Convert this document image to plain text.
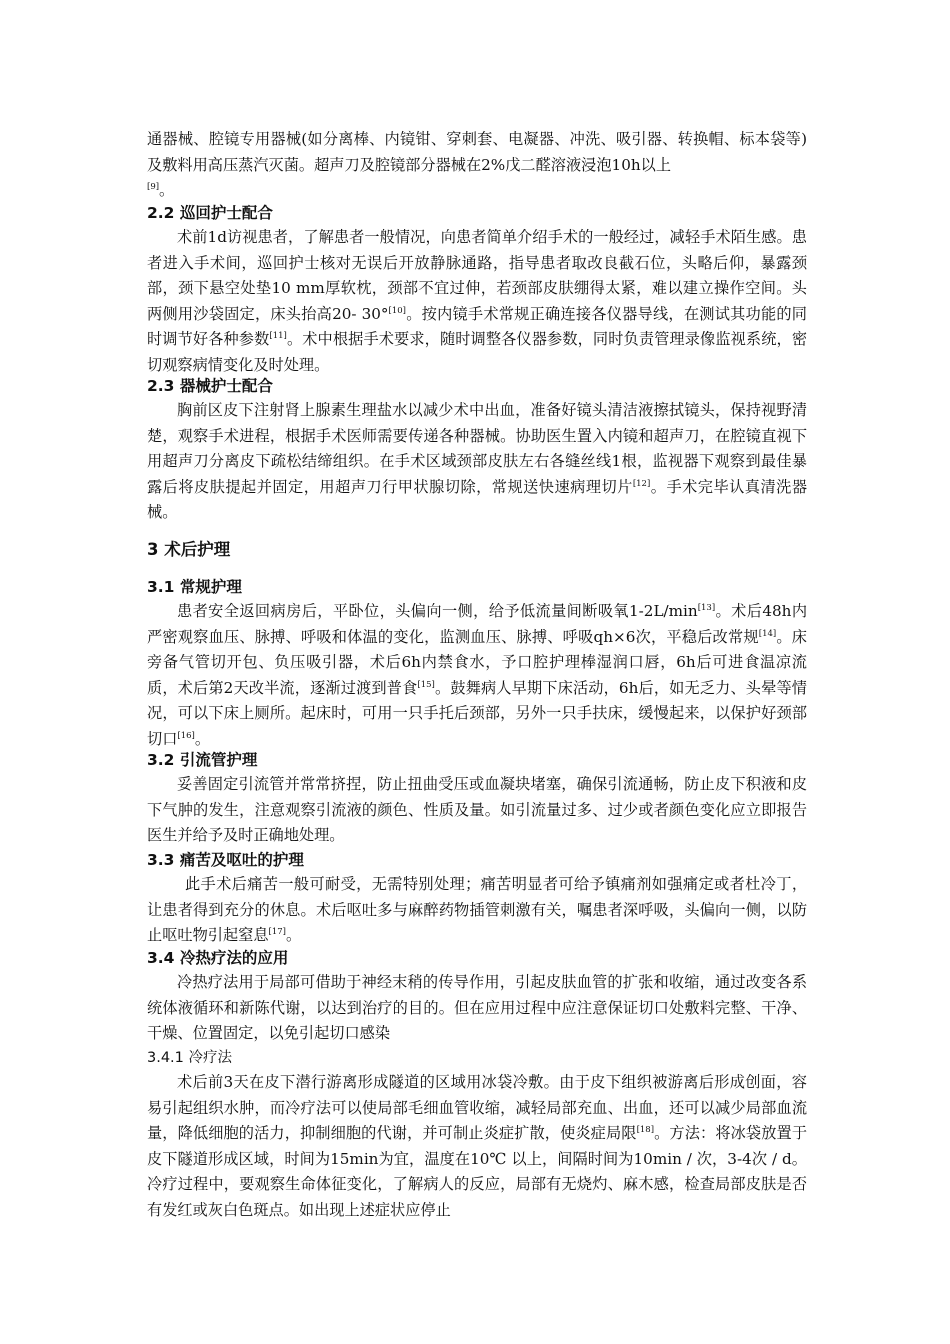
通器械、腔镜专用器械(如分离棒、内镜钳、穿刺套、电凝器、冲洗、吸引器、转换帽、标本袋等)及敷料用高压蒸汽灭菌。超声刀及腔镜部分器械在2%戊二醛溶液浸泡10h以上
[9]。
2.2 巡回护士配合
术前1d访视患者，了解患者一般情况，向患者简单介绍手术的一般经过，减轻手术陌生感。患者进入手术间，巡回护士核对无误后开放静脉通路，指导患者取改良截石位，头略后仰，暴露颈部，颈下悬空处垫10 mm厚软枕，颈部不宜过伸，若颈部皮肤绷得太紧，难以建立操作空间。头两侧用沙袋固定，床头抬高20- 30°[10]。按内镜手术常规正确连接各仪器导线，在测试其功能的同时调节好各种参数[11]。术中根据手术要求，随时调整各仪器参数，同时负责管理录像监视系统，密切观察病情变化及时处理。
2.3 器械护士配合
胸前区皮下注射肾上腺素生理盐水以减少术中出血，准备好镜头清洁液擦拭镜头，保持视野清楚，观察手术进程，根据手术医师需要传递各种器械。协助医生置入内镜和超声刀，在腔镜直视下用超声刀分离皮下疏松结缔组织。在手术区域颈部皮肤左右各缝丝线1根，监视器下观察到最佳暴露后将皮肤提起并固定，用超声刀行甲状腺切除，常规送快速病理切片[12]。手术完毕认真清洗器械。
3 术后护理
3.1 常规护理
患者安全返回病房后，平卧位，头偏向一侧，给予低流量间断吸氧1-2L/min[13]。术后48h内严密观察血压、脉搏、呼吸和体温的变化，监测血压、脉搏、呼吸qh×6次，平稳后改常规[14]。床旁备气管切开包、负压吸引器，术后6h内禁食水，予口腔护理棒湿润口唇，6h后可进食温凉流质，术后第2天改半流，逐渐过渡到普食[15]。鼓舞病人早期下床活动，6h后，如无乏力、头晕等情况，可以下床上厕所。起床时，可用一只手托后颈部，另外一只手扶床，缓慢起来，以保护好颈部切口[16]。
3.2 引流管护理
妥善固定引流管并常常挤捏，防止扭曲受压或血凝块堵塞，确保引流通畅，防止皮下积液和皮下气肿的发生，注意观察引流液的颜色、性质及量。如引流量过多、过少或者颜色变化应立即报告医生并给予及时正确地处理。
3.3 痛苦及呕吐的护理
此手术后痛苦一般可耐受，无需特别处理；痛苦明显者可给予镇痛剂如强痛定或者杜冷丁，让患者得到充分的休息。术后呕吐多与麻醉药物插管刺激有关，嘱患者深呼吸，头偏向一侧，以防止呕吐物引起窒息[17]。
3.4 冷热疗法的应用
冷热疗法用于局部可借助于神经末稍的传导作用，引起皮肤血管的扩张和收缩，通过改变各系统体液循环和新陈代谢，以达到治疗的目的。但在应用过程中应注意保证切口处敷料完整、干净、干燥、位置固定，以免引起切口感染
3.4.1 冷疗法
术后前3天在皮下潜行游离形成隧道的区域用冰袋冷敷。由于皮下组织被游离后形成创面，容易引起组织水肿，而冷疗法可以使局部毛细血管收缩，减轻局部充血、出血，还可以减少局部血流量，降低细胞的活力，抑制细胞的代谢，并可制止炎症扩散，使炎症局限[18]。方法：将冰袋放置于皮下隧道形成区域，时间为15min为宜，温度在10℃ 以上，间隔时间为10min / 次，3-4次 / d。冷疗过程中，要观察生命体征变化，了解病人的反应，局部有无烧灼、麻木感，检查局部皮肤是否有发红或灰白色斑点。如出现上述症状应停止
